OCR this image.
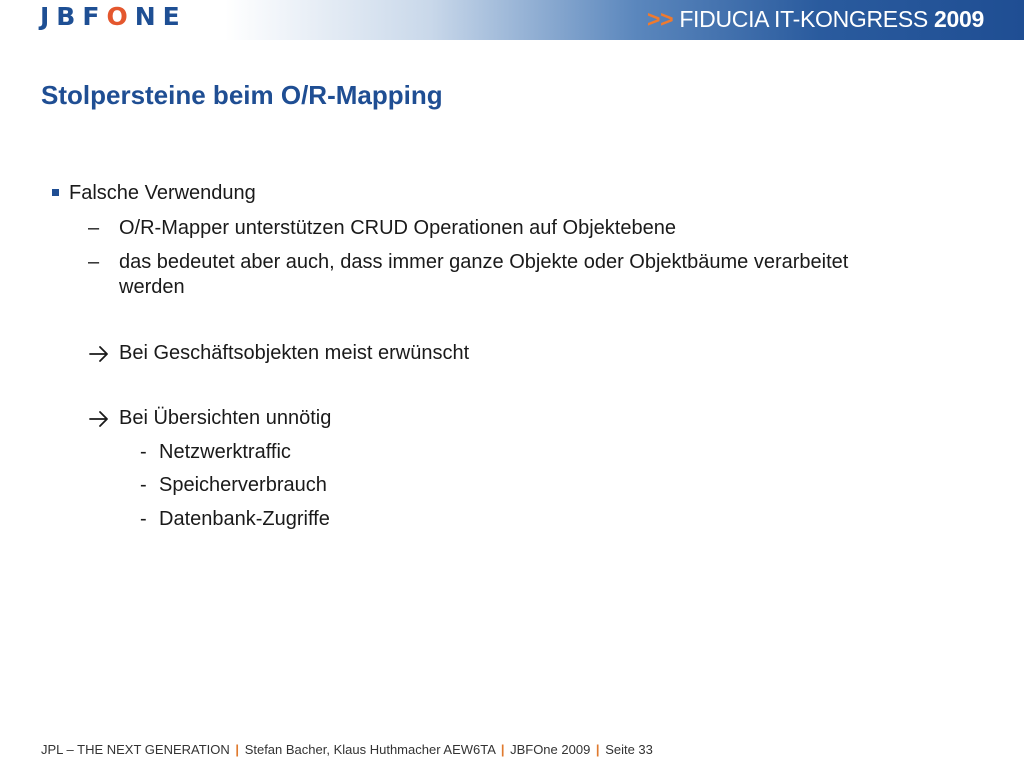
JBFONE	>> FIDUCIA IT-KONGRESS 2009
Stolpersteine beim O/R-Mapping
Falsche Verwendung
– O/R-Mapper unterstützen CRUD Operationen auf Objektebene
– das bedeutet aber auch, dass immer ganze Objekte oder Objektbäume verarbeitet
werden
Bei Geschäftsobjekten meist erwünscht
Bei Übersichten unnötig
- Netzwerktraffic
- Speicherverbrauch
- Datenbank-Zugriffe
JPL – THE NEXT GENERATION | Stefan Bacher, Klaus Huthmacher AEW6TA | JBFOne 2009 | Seite 33
